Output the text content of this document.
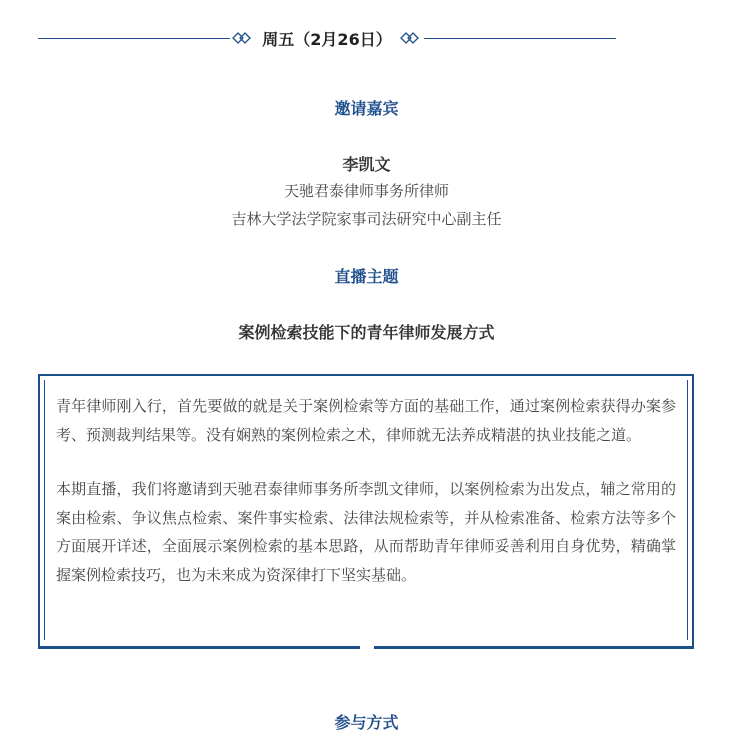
周五（2月26日）
邀请嘉宾
李凯文
天驰君泰律师事务所律师
吉林大学法学院家事司法研究中心副主任
直播主题
案例检索技能下的青年律师发展方式

青年律师刚入行，首先要做的就是关于案例检索等方面的基础工作，通过案例检索获得办案参考、预测裁判结果等。没有娴熟的案例检索之术，律师就无法养成精湛的执业技能之道。

本期直播，我们将邀请到天驰君泰律师事务所李凯文律师，以案例检索为出发点，辅之常用的案由检索、争议焦点检索、案件事实检索、法律法规检索等，并从检索准备、检索方法等多个方面展开详述，全面展示案例检索的基本思路，从而帮助青年律师妥善利用自身优势，精确掌握案例检索技巧，也为未来成为资深律打下坚实基础。

参与方式
